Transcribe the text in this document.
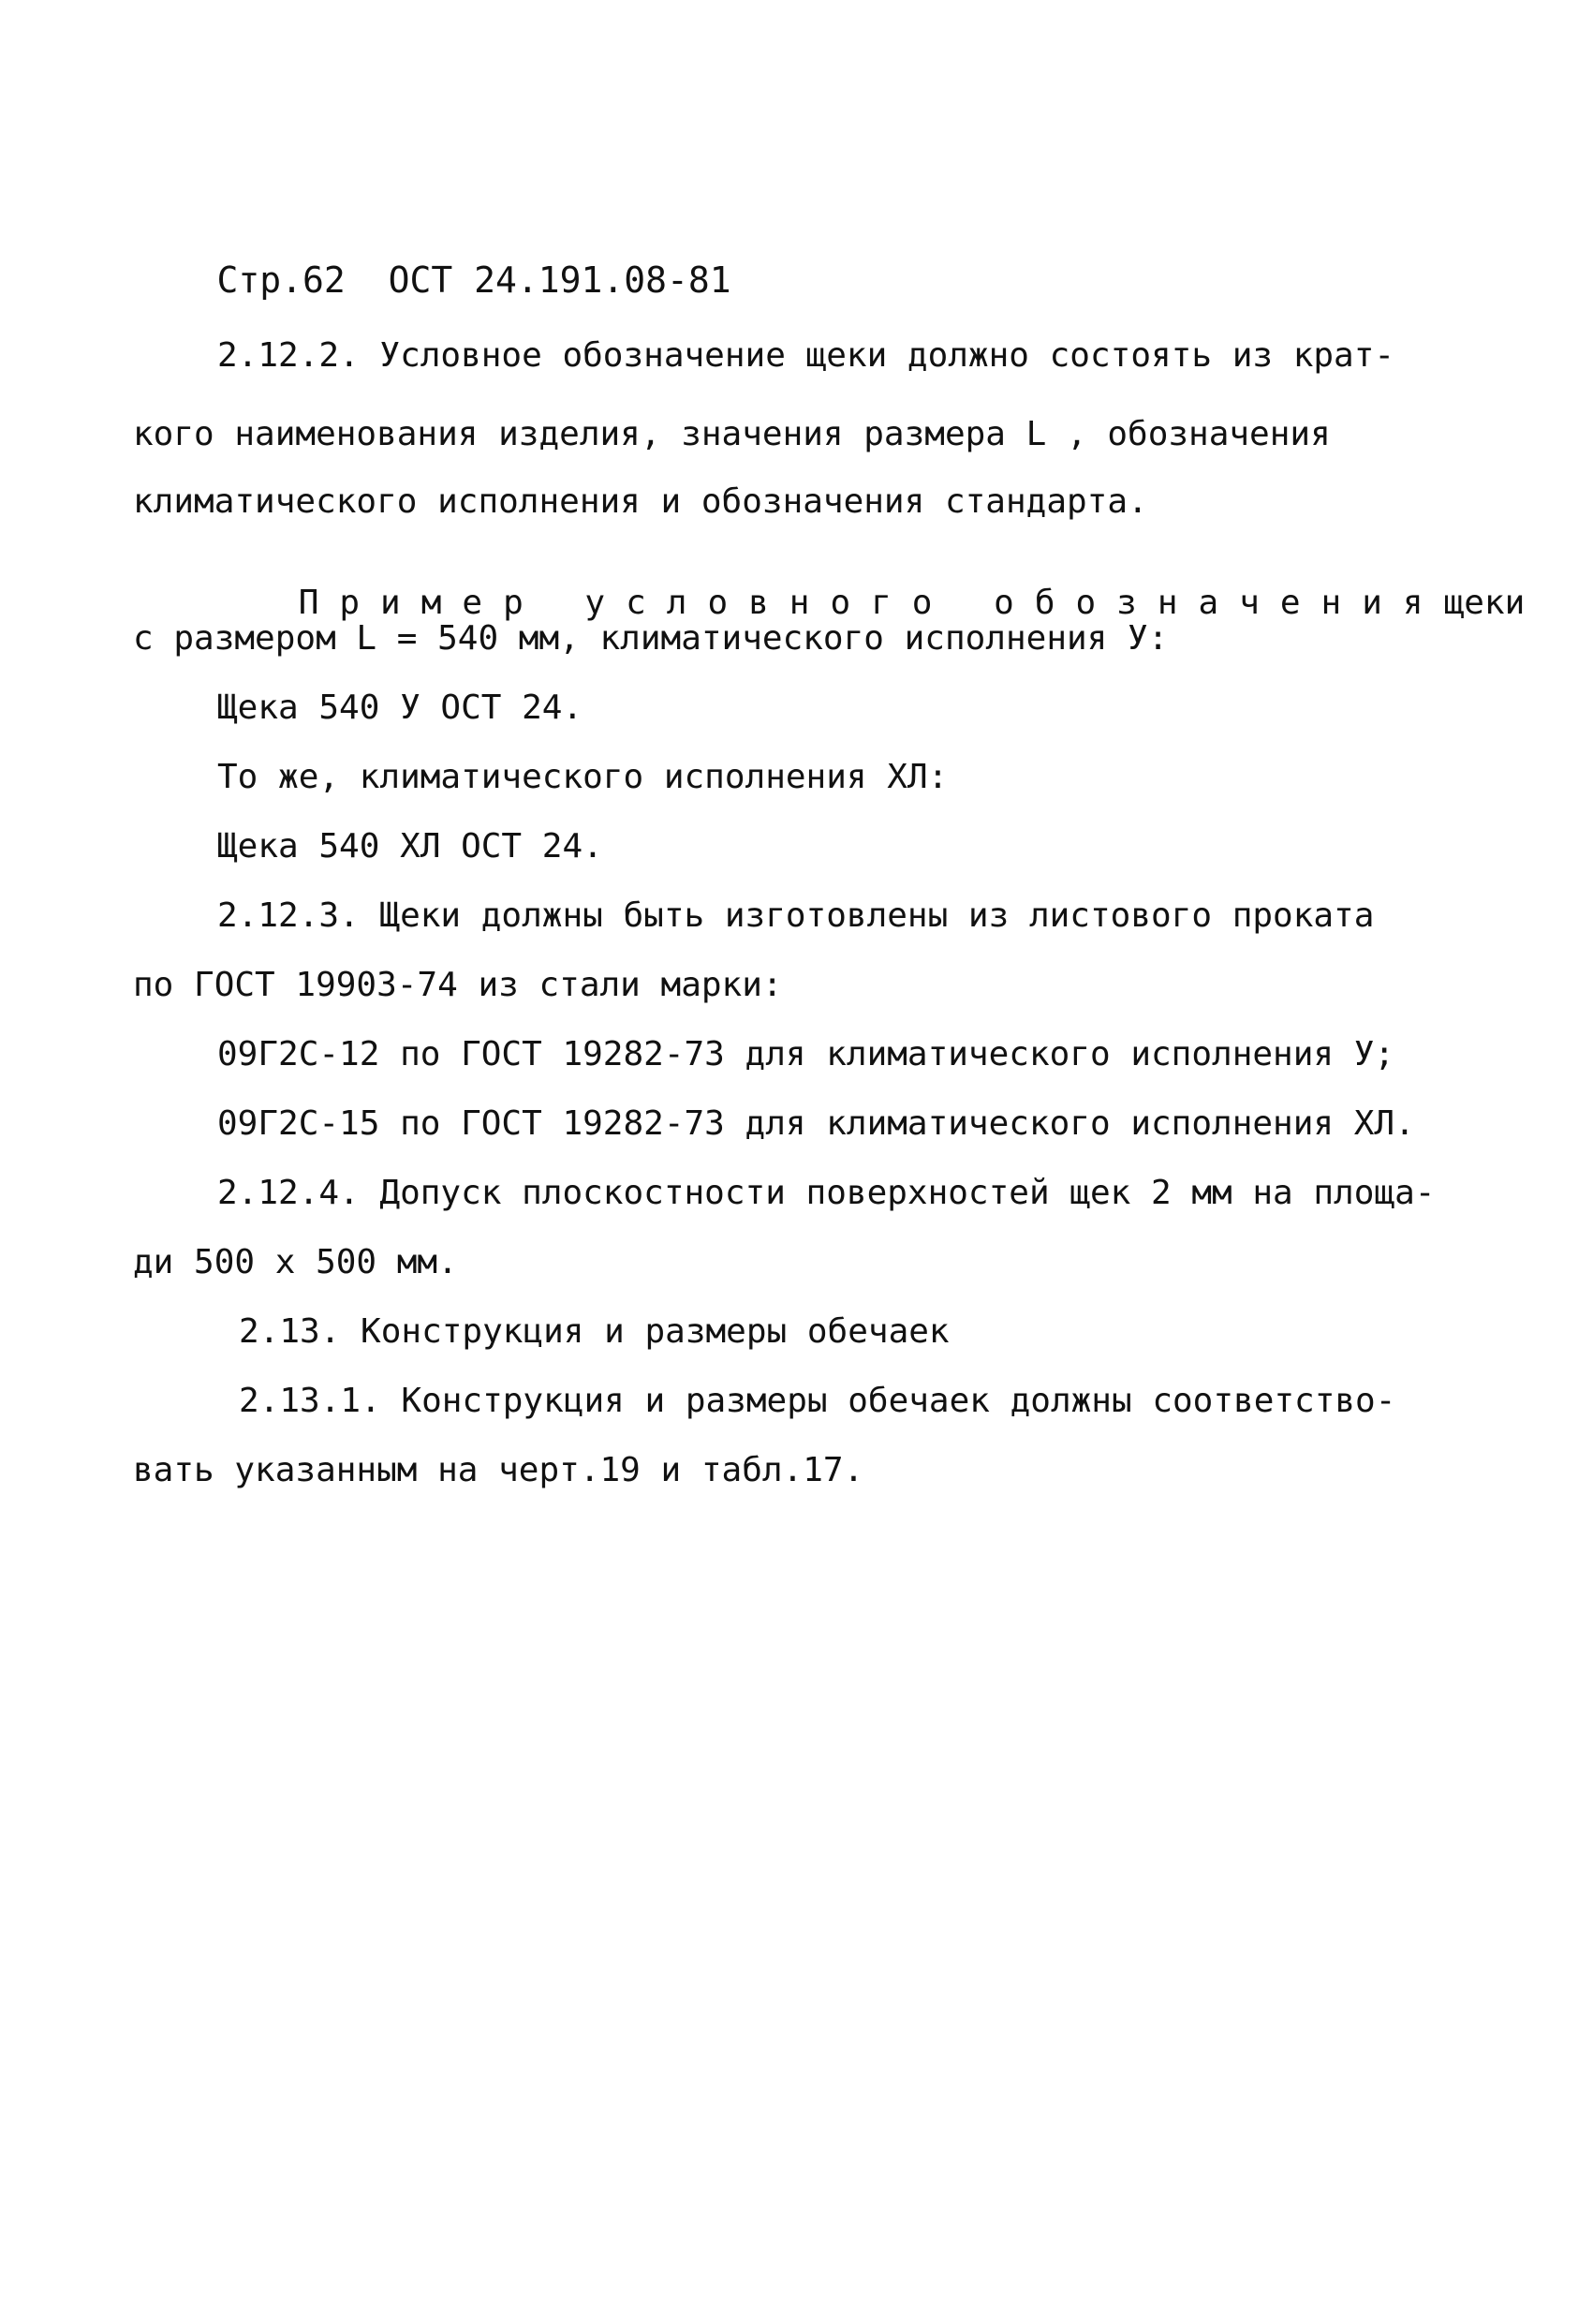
Стр.62 ОСТ 24.191.08-81

2.12.2. Условное обозначение щеки должно состоять из крат-
кого наименования изделия, значения размера L , обозначения
климатического исполнения и обозначения стандарта.

Пример условного обозначениящеки

с размером L = 540 мм, климатического исполнения У:
Щека 540 У ОСТ 24.
То же, климатического исполнения ХЛ:
Щека 540 ХЛ ОСТ 24.
2.12.3. Щеки должны быть изготовлены из листового проката
по ГОСТ 19903-74 из стали марки:
09Г2С-12 по ГОСТ 19282-73 для климатического исполнения У;
09Г2С-15 по ГОСТ 19282-73 для климатического исполнения ХЛ.
2.12.4. Допуск плоскостности поверхностей щек 2 мм на площа-
ди 500 х 500 мм.
2.13. Конструкция и размеры обечаек
2.13.1. Конструкция и размеры обечаек должны соответство-
вать указанным на черт.19 и табл.17.
